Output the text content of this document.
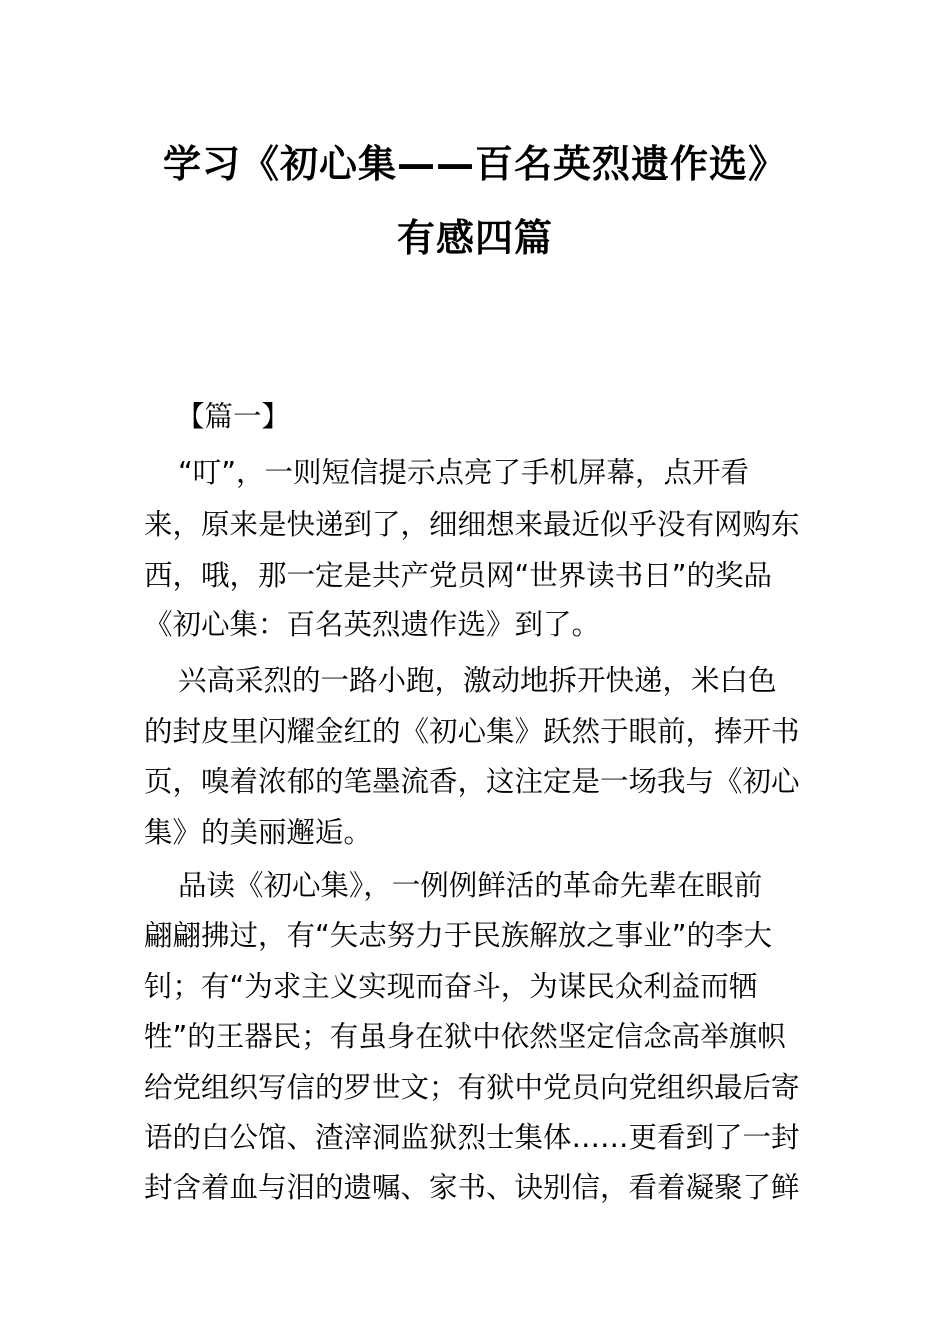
学习《初心集——百名英烈遗作选》
有感四篇
【篇一】
“叮”，一则短信提示点亮了手机屏幕，点开看
来，原来是快递到了，细细想来最近似乎没有网购东
西，哦，那一定是共产党员网“世界读书日”的奖品
《初心集：百名英烈遗作选》到了。
兴高采烈的一路小跑，激动地拆开快递，米白色
的封皮里闪耀金红的《初心集》跃然于眼前，捧开书
页，嗅着浓郁的笔墨流香，这注定是一场我与《初心
集》的美丽邂逅。
品读《初心集》，一例例鲜活的革命先辈在眼前
翩翩拂过，有“矢志努力于民族解放之事业”的李大
钊；有“为求主义实现而奋斗，为谋民众利益而牺
牲”的王器民；有虽身在狱中依然坚定信念高举旗帜
给党组织写信的罗世文；有狱中党员向党组织最后寄
语的白公馆、渣滓洞监狱烈士集体……更看到了一封
封含着血与泪的遗嘱、家书、诀别信，看着凝聚了鲜
